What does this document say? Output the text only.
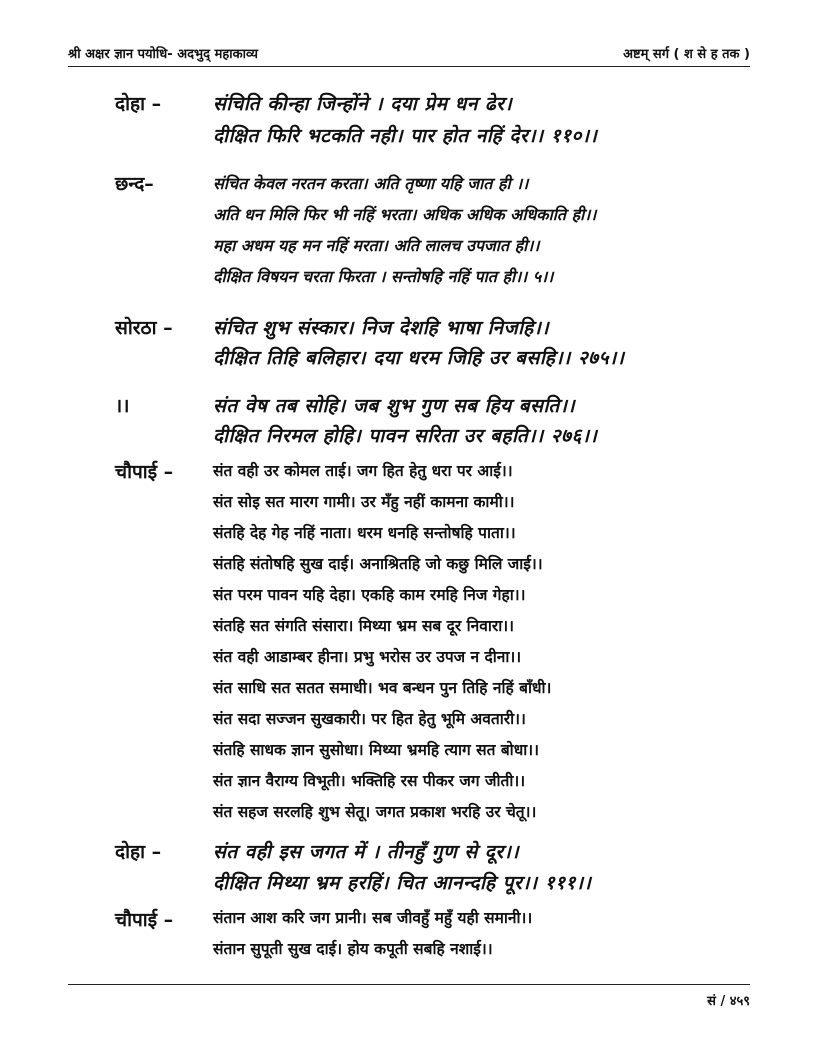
श्री अक्षर ज्ञान पयोधि- अदभुद् महाकाव्य	अष्टम् सर्ग ( श से ह तक )
दोहा –	संचिति कीन्हा जिन्होंने । दया प्रेम धन ढेर।
दीक्षित फिरि भटकति नही। पार होत नहिं देर।। ११०।।
छन्द–	संचित केवल नरतन करता। अति तृष्णा यहि जात ही ।।
अति धन मिलि फिर भी नहिं भरता। अधिक अधिक अधिकाति ही।।
महा अधम यह मन नहिं मरता। अति लालच उपजात ही।।
दीक्षित विषयन चरता फिरता । सन्तोषहि नहिं पात ही।। ५।।
सोरठा – संचित शुभ संस्कार। निज देशहि भाषा निजहि।।
दीक्षित तिहि बलिहार। दया धरम जिहि उर बसहि।। २७५।।
।।	संत वेष तब सोहि। जब शुभ गुण सब हिय बसति।।
दीक्षित निरमल होहि। पावन सरिता उर बहति।। २७६।।
चौपाई –	संत वही उर कोमल ताई। जग हित हेतु धरा पर आई।।
संत सोइ सत मारग गामी। उर मँहु नहीं कामना कामी।।
संतहि देह गेह नहिं नाता। धरम धनहि सन्तोषहि पाता।।
संतहि संतोषहि सुख दाई। अनाश्रितहि जो कछु मिलि जाई।।
संत परम पावन यहि देहा। एकहि काम रमहि निज गेहा।।
संतहि सत संगति संसारा। मिथ्या भ्रम सब दूर निवारा।।
संत वही आडाम्बर हीना। प्रभु भरोस उर उपज न दीना।।
संत साधि सत सतत समाधी। भव बन्धन पुन तिहि नहिं बाँधी।
संत सदा सज्जन सुखकारी। पर हित हेतु भूमि अवतारी।।
संतहि साधक ज्ञान सुसोधा। मिथ्या भ्रमहि त्याग सत बोधा।।
संत ज्ञान वैराग्य विभूती। भक्तिहि रस पीकर जग जीती।।
संत सहज सरलहि शुभ सेतू। जगत प्रकाश भरहि उर चेतू।।
दोहा –	संत वही इस जगत में । तीनहुँ गुण से दूर।।
दीक्षित मिथ्या भ्रम हरहिं। चित आनन्दहि पूर।। १११।।
चौपाई –	संतान आश करि जग प्रानी। सब जीवहुँ महुँ यही समानी।।
संतान सुपूती सुख दाई। होय कपूती सबहि नशाई।।
सं / ४५९
